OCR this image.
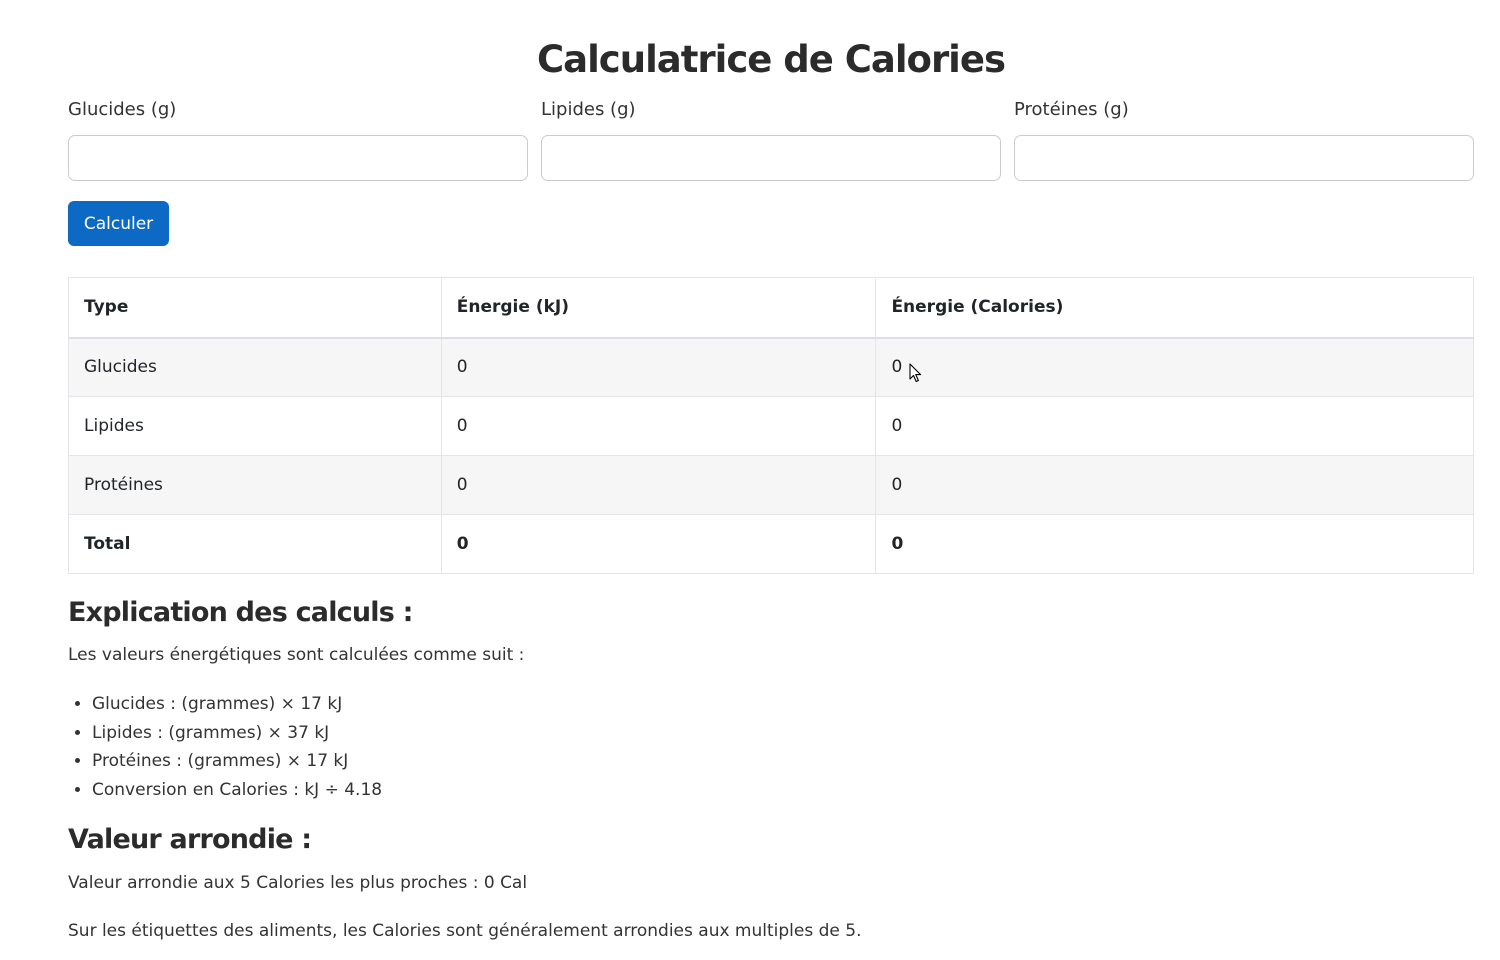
Calculatrice de Calories
Glucides (g)	Lipides (g)	Protéines (g)
Calculer
Type	Énergie (kJ)	Énergie (Calories)
Glucides	0	0
Lipides	0	0
Protéines	0	0
Total	0	0
Explication des calculs :

Les valeurs énergétiques sont calculées comme suit :

• Glucides : (grammes) × 17 kJ
• Lipides : (grammes) × 37 kJ
• Protéines : (grammes) × 17 kJ
• Conversion en Calories : kJ ÷ 4.18
Valeur arrondie :

Valeur arrondie aux 5 Calories les plus proches : 0 Cal

Sur les étiquettes des aliments, les Calories sont généralement arrondies aux multiples de 5.
